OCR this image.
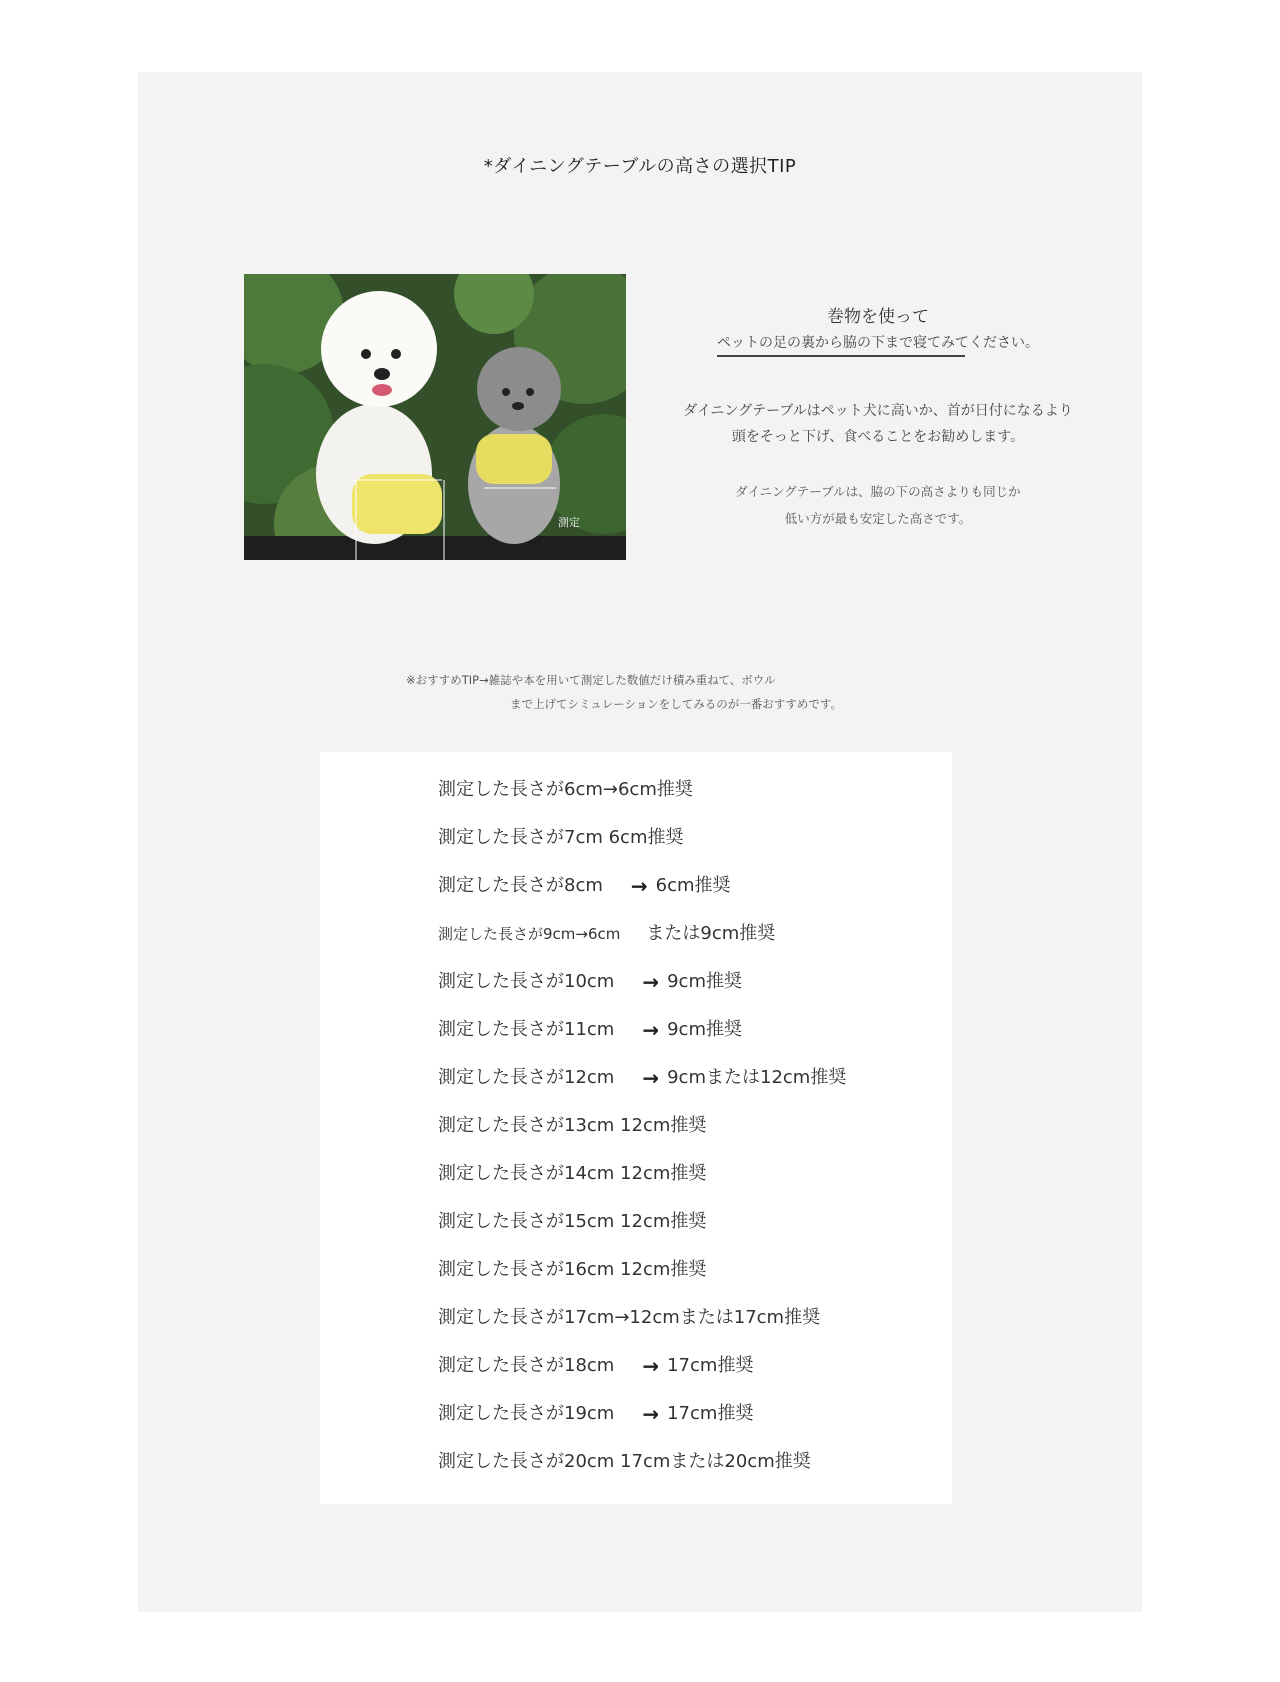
*ダイニングテーブルの高さの選択TIP
測定

巻物を使って

ペットの足の裏から脇の下まで寝てみてください。

ダイニングテーブルはペット犬に高いか、首が日付になるより
頭をそっと下げ、食べることをお勧めします。

ダイニングテーブルは、脇の下の高さよりも同じか
低い方が最も安定した高さです。

※おすすめTIP→雑誌や本を用いて測定した数値だけ積み重ねて、ボウル
まで上げてシミュレーションをしてみるのが一番おすすめです。
測定した長さが6cm→6cm推奨
測定した長さが7cm 6cm推奨
測定した長さが8cm → 6cm推奨
測定した長さが9cm→6cm または9cm推奨
測定した長さが10cm → 9cm推奨
測定した長さが11cm → 9cm推奨
測定した長さが12cm → 9cmまたは12cm推奨
測定した長さが13cm 12cm推奨
測定した長さが14cm 12cm推奨
測定した長さが15cm 12cm推奨
測定した長さが16cm 12cm推奨
測定した長さが17cm→12cmまたは17cm推奨
測定した長さが18cm → 17cm推奨
測定した長さが19cm → 17cm推奨
測定した長さが20cm 17cmまたは20cm推奨
